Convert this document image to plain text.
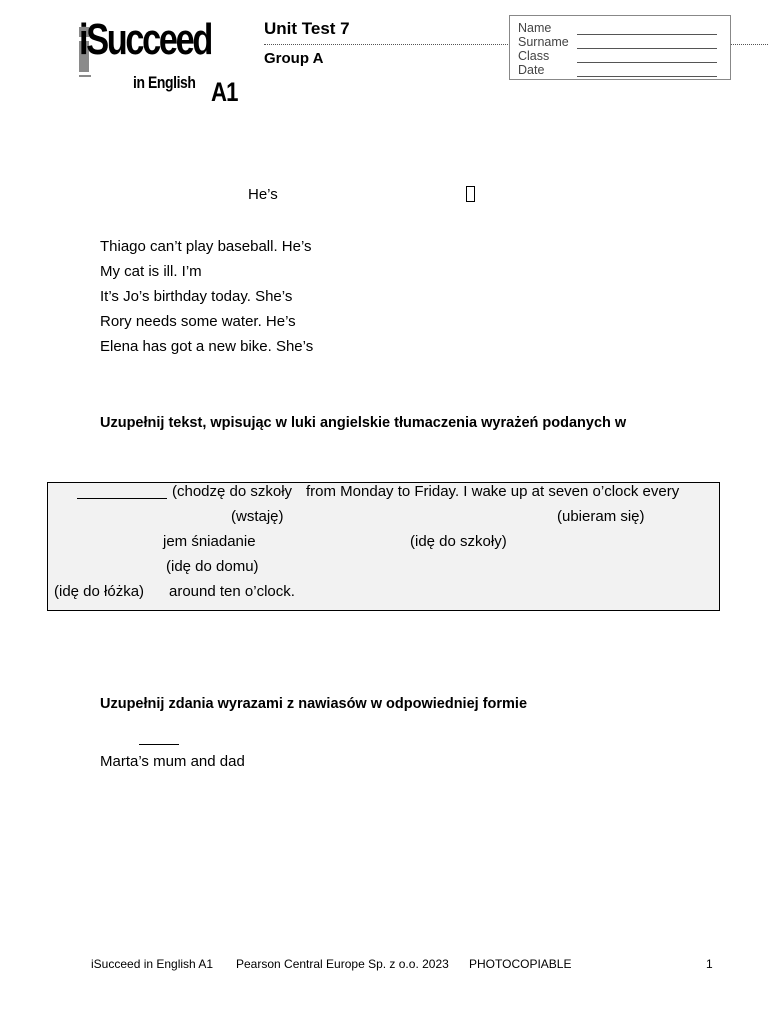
iSucceed
in English A1
Unit Test 7
Group A
Name
Surname
Class
Date
He’s
Thiago can’t play baseball. He’s
My cat is ill. I’m
It’s Jo’s birthday today. She’s
Rory needs some water. He’s
Elena has got a new bike. She’s
Uzupełnij tekst, wpisując w luki angielskie tłumaczenia wyrażeń podanych w
(chodzę do szkoły from Monday to Friday. I wake up at seven o’clock every
(wstaję)	(ubieram się)
jem śniadanie	(idę do szkoły)
(idę do domu)
(idę do łóżka) around ten o’clock.
Uzupełnij zdania wyrazami z nawiasów w odpowiedniej formie
Marta’s mum and dad
iSucceed in English A1 Pearson Central Europe Sp. z o.o. 2023 PHOTOCOPIABLE	1
